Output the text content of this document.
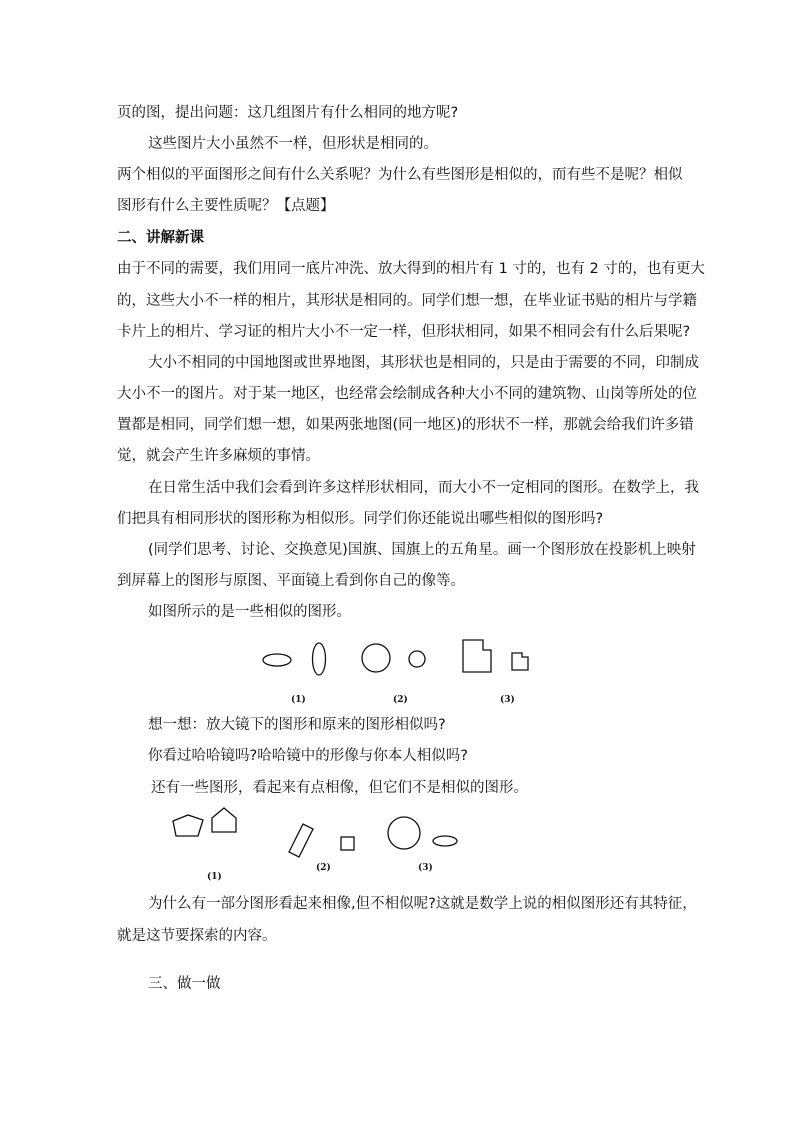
页的图，提出问题：这几组图片有什么相同的地方呢?
这些图片大小虽然不一样，但形状是相同的。
两个相似的平面图形之间有什么关系呢？为什么有些图形是相似的，而有些不是呢？相似
图形有什么主要性质呢？【点题】
二、讲解新课
由于不同的需要，我们用同一底片冲洗、放大得到的相片有 1 寸的，也有 2 寸的，也有更大
的，这些大小不一样的相片，其形状是相同的。同学们想一想，在毕业证书贴的相片与学籍
卡片上的相片、学习证的相片大小不一定一样，但形状相同，如果不相同会有什么后果呢?
大小不相同的中国地图或世界地图，其形状也是相同的，只是由于需要的不同，印制成
大小不一的图片。对于某一地区，也经常会绘制成各种大小不同的建筑物、山岗等所处的位
置都是相同，同学们想一想，如果两张地图(同一地区)的形状不一样，那就会给我们许多错
觉，就会产生许多麻烦的事情。
在日常生活中我们会看到许多这样形状相同，而大小不一定相同的图形。在数学上，我
们把具有相同形状的图形称为相似形。同学们你还能说出哪些相似的图形吗?
(同学们思考、讨论、交换意见)国旗、国旗上的五角星。画一个图形放在投影机上映射
到屏幕上的图形与原图、平面镜上看到你自己的像等。
如图所示的是一些相似的图形。
(1)	(2)	(3)
想一想：放大镜下的图形和原来的图形相似吗?
你看过哈哈镜吗?哈哈镜中的形像与你本人相似吗?
还有一些图形，看起来有点相像，但它们不是相似的图形。
(1)
(2)	(3)
为什么有一部分图形看起来相像,但不相似呢?这就是数学上说的相似图形还有其特征，
就是这节要探索的内容。
三、做一做
